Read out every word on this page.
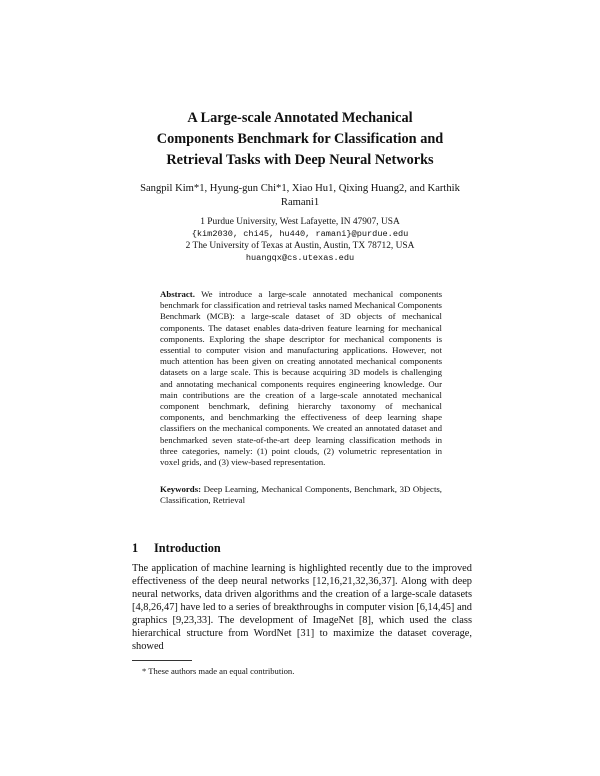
A Large-scale Annotated Mechanical
Components Benchmark for Classification and
Retrieval Tasks with Deep Neural Networks
Sangpil Kim*1, Hyung-gun Chi*1, Xiao Hu1, Qixing Huang2, and Karthik Ramani1
1 Purdue University, West Lafayette, IN 47907, USA
{kim2030, chi45, hu440, ramani}@purdue.edu
2 The University of Texas at Austin, Austin, TX 78712, USA
huangqx@cs.utexas.edu

Abstract. We introduce a large-scale annotated mechanical components benchmark for classification and retrieval tasks named Mechanical Components Benchmark (MCB): a large-scale dataset of 3D objects of mechanical components. The dataset enables data-driven feature learning for mechanical components. Exploring the shape descriptor for mechanical components is essential to computer vision and manufacturing applications. However, not much attention has been given on creating annotated mechanical components datasets on a large scale. This is because acquiring 3D models is challenging and annotating mechanical components requires engineering knowledge. Our main contributions are the creation of a large-scale annotated mechanical component benchmark, defining hierarchy taxonomy of mechanical components, and benchmarking the effectiveness of deep learning shape classifiers on the mechanical components. We created an annotated dataset and benchmarked seven state-of-the-art deep learning classification methods in three categories, namely: (1) point clouds, (2) volumetric representation in voxel grids, and (3) view-based representation.

Keywords: Deep Learning, Mechanical Components, Benchmark, 3D Objects, Classification, Retrieval

1 Introduction

The application of machine learning is highlighted recently due to the improved effectiveness of the deep neural networks [12,16,21,32,36,37]. Along with deep neural networks, data driven algorithms and the creation of a large-scale datasets [4,8,26,47] have led to a series of breakthroughs in computer vision [6,14,45] and graphics [9,23,33]. The development of ImageNet [8], which used the class hierarchical structure from WordNet [31] to maximize the dataset coverage, showed

* These authors made an equal contribution.
